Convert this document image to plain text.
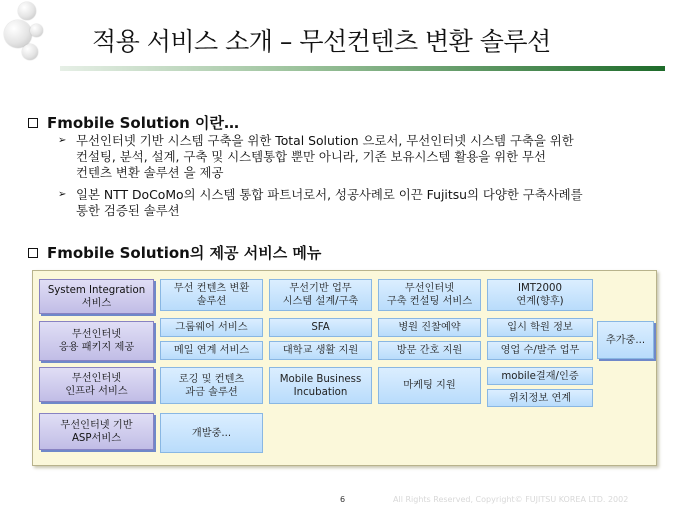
적용 서비스 소개 – 무선컨텐츠 변환 솔루션
Fmobile Solution 이란…
➢ 무선인터넷 기반 시스템 구축을 위한 Total Solution 으로서, 무선인터넷 시스템 구축을 위한
컨설팅, 분석, 설계, 구축 및 시스템통합 뿐만 아니라, 기존 보유시스템 활용을 위한 무선
컨텐츠 변환 솔루션 을 제공
➢ 일본 NTT DoCoMo의 시스템 통합 파트너로서, 성공사례로 이끈 Fujitsu의 다양한 구축사례를
통한 검증된 솔루션
Fmobile Solution의 제공 서비스 메뉴
System Integration
서비스
무선 컨텐츠 변환
솔루션
무선기반 업무
시스템 설계/구축
무선인터넷
구축 컨설팅 서비스
IMT2000
연계(향후)
무선인터넷
응용 패키지 제공
그룹웨어 서비스	SFA	병원 진찰예약	입시 학원 정보
메일 연계 서비스	대학교 생활 지원	방문 간호 지원	영업 수/발주 업무
추가중...
무선인터넷
인프라 서비스
로깅 및 컨텐츠
과금 솔루션
Mobile Business
Incubation
마케팅 지원
mobile결재/인증
위치정보 연계
무선인터넷 기반
ASP서비스	개발중...
6	All Rights Reserved, Copyright© FUJITSU KOREA LTD. 2002
